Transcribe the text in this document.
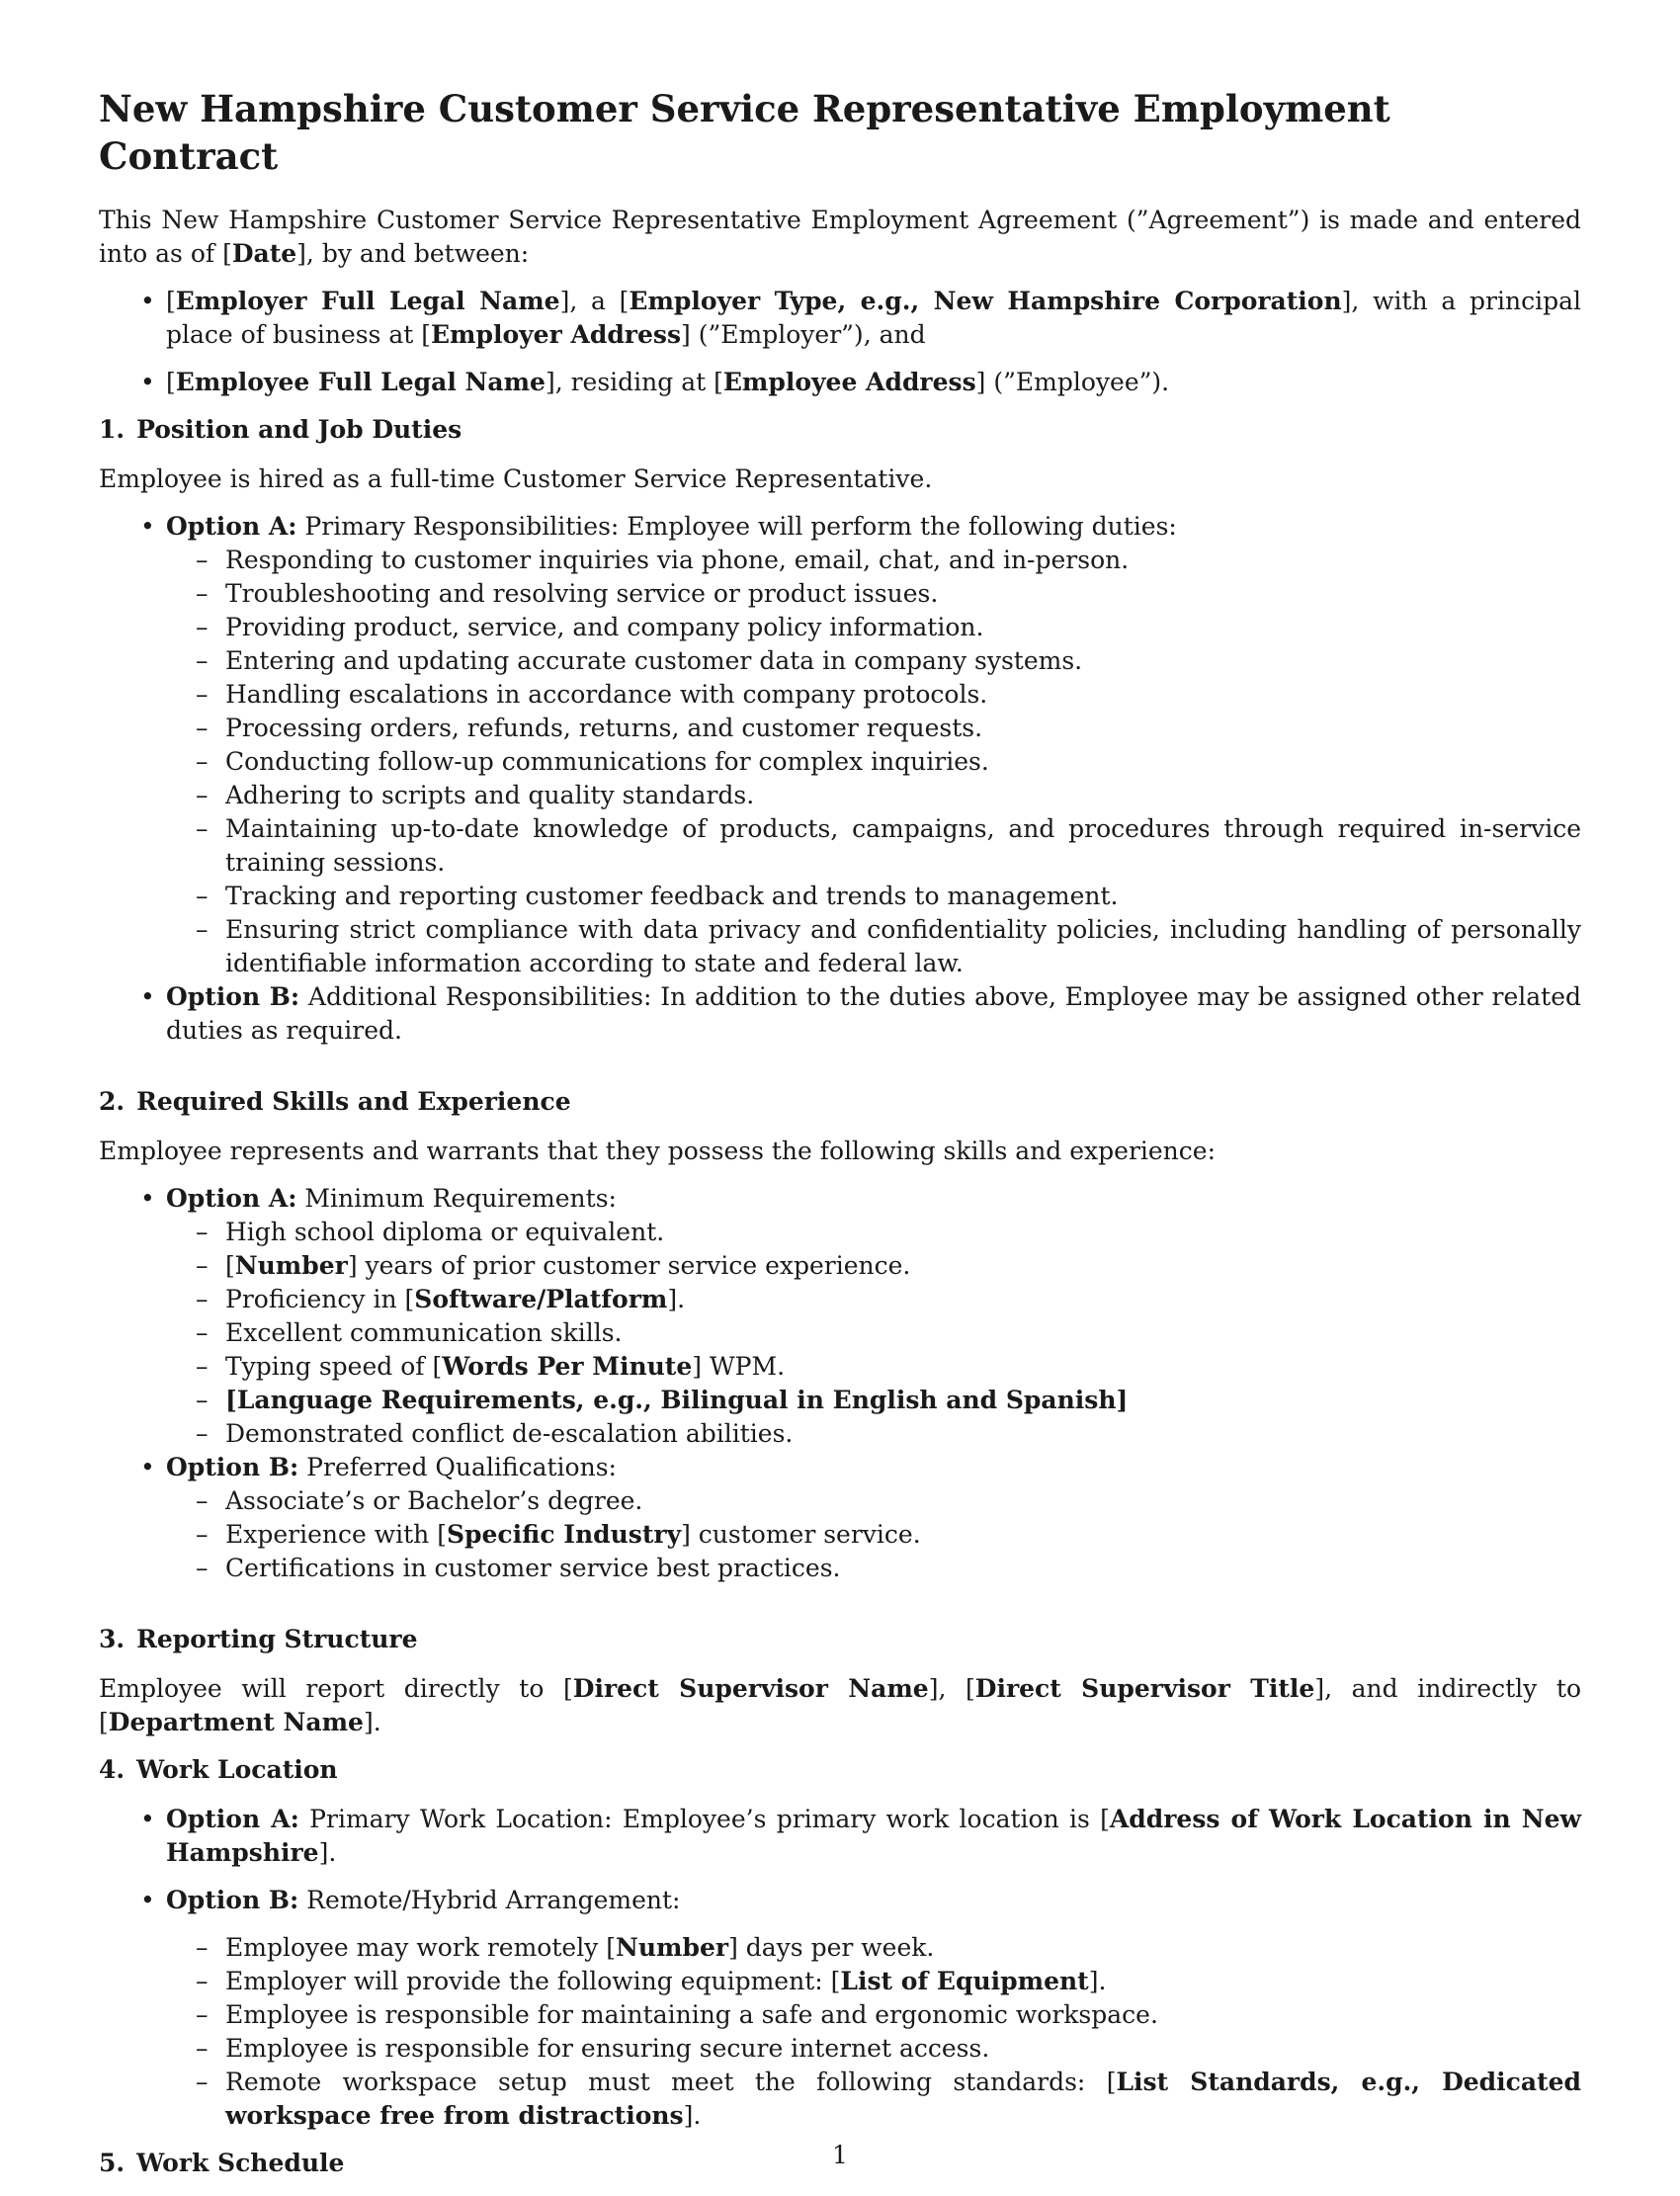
New Hampshire Customer Service Representative Employment Contract

This New Hampshire Customer Service Representative Employment Agreement (”Agreement”) is made and entered into as of [Date], by and between:

• [Employer Full Legal Name], a [Employer Type, e.g., New Hampshire Corporation], with a principal place of business at [Employer Address] (”Employer”), and
• [Employee Full Legal Name], residing at [Employee Address] (”Employee”).
1. Position and Job Duties

Employee is hired as a full-time Customer Service Representative.

• Option A: Primary Responsibilities: Employee will perform the following duties:
– Responding to customer inquiries via phone, email, chat, and in-person.
– Troubleshooting and resolving service or product issues.
– Providing product, service, and company policy information.
– Entering and updating accurate customer data in company systems.
– Handling escalations in accordance with company protocols.
– Processing orders, refunds, returns, and customer requests.
– Conducting follow-up communications for complex inquiries.
– Adhering to scripts and quality standards.
– Maintaining up-to-date knowledge of products, campaigns, and procedures through required in-service training sessions.
– Tracking and reporting customer feedback and trends to management.
– Ensuring strict compliance with data privacy and confidentiality policies, including handling of personally identifiable information according to state and federal law.
• Option B: Additional Responsibilities: In addition to the duties above, Employee may be assigned other related duties as required.
2. Required Skills and Experience

Employee represents and warrants that they possess the following skills and experience:

• Option A: Minimum Requirements:
– High school diploma or equivalent.
– [Number] years of prior customer service experience.
– Proficiency in [Software/Platform].
– Excellent communication skills.
– Typing speed of [Words Per Minute] WPM.
– [Language Requirements, e.g., Bilingual in English and Spanish]
– Demonstrated conflict de-escalation abilities.
• Option B: Preferred Qualifications:
– Associate’s or Bachelor’s degree.
– Experience with [Specific Industry] customer service.
– Certifications in customer service best practices.
3. Reporting Structure

Employee will report directly to [Direct Supervisor Name], [Direct Supervisor Title], and indirectly to [Department Name].

4. Work Location
• Option A: Primary Work Location: Employee’s primary work location is [Address of Work Location in New Hampshire].
• Option B: Remote/Hybrid Arrangement:
– Employee may work remotely [Number] days per week.
– Employer will provide the following equipment: [List of Equipment].
– Employee is responsible for maintaining a safe and ergonomic workspace.
– Employee is responsible for ensuring secure internet access.
– Remote workspace setup must meet the following standards: [List Standards, e.g., Dedicated workspace free from distractions].
5. Work Schedule	1
